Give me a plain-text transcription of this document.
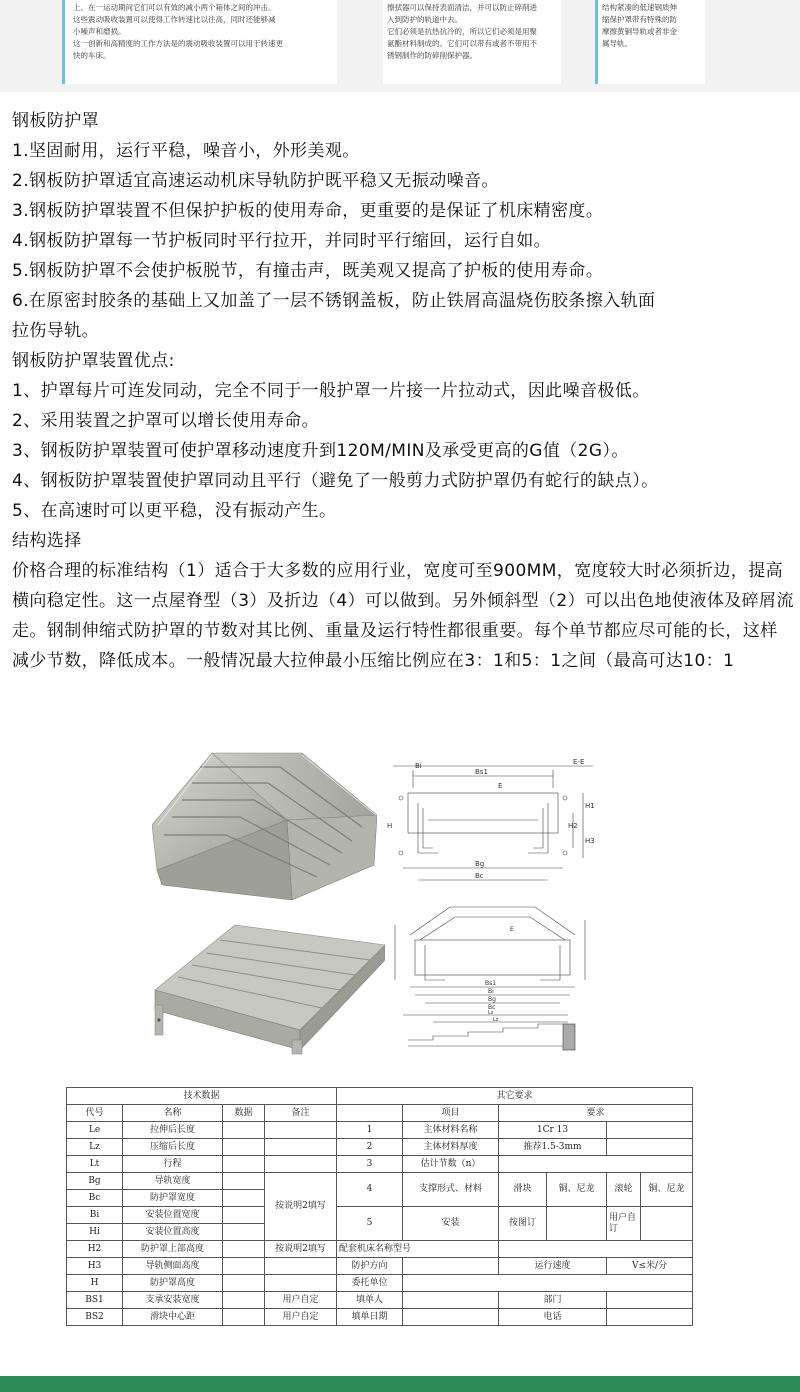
上。在一运动期间它们可以有效的减小两个箱体之间的冲击。
这些震动吸收装置可以使得工作转速比以往高，同时还能够减
小噪声和磨损。
这一创新和高精度的工作方法是的震动吸收装置可以用于转速更
快的车床。
擦拭器可以保持表面清洁，并可以防止碎削进
入到防护的轨道中去。
它们必须是抗热抗冷的，所以它们必须是用聚
氨酯材料制成的。它们可以带有或者不带用不
锈钢制作的防碎削保护器。
结构紧凑的低速钢质伸
缩保护罩带有特殊的防
摩擦黄铜导轨或者非金
属导轨。
钢板防护罩
1.坚固耐用，运行平稳，噪音小，外形美观。
2.钢板防护罩适宜高速运动机床导轨防护既平稳又无振动噪音。
3.钢板防护罩装置不但保护护板的使用寿命，更重要的是保证了机床精密度。
4.钢板防护罩每一节护板同时平行拉开，并同时平行缩回，运行自如。
5.钢板防护罩不会使护板脱节，有撞击声，既美观又提高了护板的使用寿命。
6.在原密封胶条的基础上又加盖了一层不锈钢盖板，防止铁屑高温烧伤胶条擦入轨面
拉伤导轨。
钢板防护罩装置优点:
1、护罩每片可连发同动，完全不同于一般护罩一片接一片拉动式，因此噪音极低。
2、采用装置之护罩可以增长使用寿命。
3、钢板防护罩装置可使护罩移动速度升到120M/MIN及承受更高的G值（2G）。
4、钢板防护罩装置使护罩同动且平行（避免了一般剪力式防护罩仍有蛇行的缺点）。
5、在高速时可以更平稳，没有振动产生。
结构选择
价格合理的标准结构（1）适合于大多数的应用行业，宽度可至900MM，宽度较大时必须折边，提高横向稳定性。这一点屋脊型（3）及折边（4）可以做到。另外倾斜型（2）可以出色地使液体及碎屑流走。钢制伸缩式防护罩的节数对其比例、重量及运行特性都很重要。每个单节都应尽可能的长，这样减少节数，降低成本。一般情况最大拉伸最小压缩比例应在3：1和5：1之间（最高可达10：1
Bs1
E-E
Bg
Bc
E
Bi
H
H1
H2
H3
Bs1
Bi
Bg
Bc
E
Ls
Lz
技术数据				其它要求					
代号	名称	数据	备注		项目	要求			
Le	拉伸后长度			1	主体材料名称	1Cr 13			
Lz	压缩后长度			2	主体材料厚度	推荐1.5-3mm			
Lt	行程			3	估计节数（n）				
Bg	导轨宽度		按说明2填写	4	支撑形式、材料	滑块	铜、尼龙	滚轮	铜、尼龙
Bc	防护罩宽度								
Bi	安装位置宽度			5	安装	按图订		用户自订	
Hi	安装位置高度								
H2	防护罩上部高度		按说明2填写	配套机床名称型号					
H3	导轨侧面高度			防护方向		运行速度		V≤米/分	
H	防护罩高度			委托单位					
BS1	支承安装宽度		用户自定	填单人		部门			
BS2	滑块中心距		用户自定	填单日期		电话			
